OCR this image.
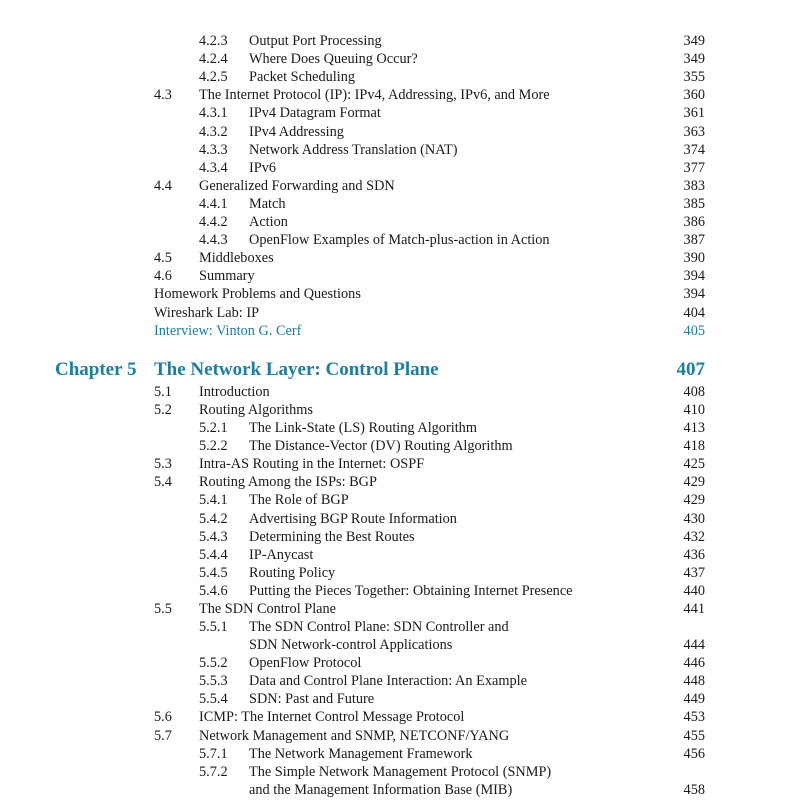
4.2.3 Output Port Processing	349
4.2.4 Where Does Queuing Occur?	349
4.2.5 Packet Scheduling	355
4.3 The Internet Protocol (IP): IPv4, Addressing, IPv6, and More	360
4.3.1 IPv4 Datagram Format	361
4.3.2 IPv4 Addressing	363
4.3.3 Network Address Translation (NAT)	374
4.3.4 IPv6	377
4.4 Generalized Forwarding and SDN	383
4.4.1 Match	385
4.4.2 Action	386
4.4.3 OpenFlow Examples of Match-plus-action in Action	387
4.5 Middleboxes	390
4.6 Summary	394
Homework Problems and Questions	394
Wireshark Lab: IP	404
Interview: Vinton G. Cerf	405
Chapter 5 The Network Layer: Control Plane	407
5.1 Introduction	408
5.2 Routing Algorithms	410
5.2.1 The Link-State (LS) Routing Algorithm	413
5.2.2 The Distance-Vector (DV) Routing Algorithm	418
5.3 Intra-AS Routing in the Internet: OSPF	425
5.4 Routing Among the ISPs: BGP	429
5.4.1 The Role of BGP	429
5.4.2 Advertising BGP Route Information	430
5.4.3 Determining the Best Routes	432
5.4.4 IP-Anycast	436
5.4.5 Routing Policy	437
5.4.6 Putting the Pieces Together: Obtaining Internet Presence	440
5.5 The SDN Control Plane	441
5.5.1 The SDN Control Plane: SDN Controller and
SDN Network-control Applications	444
5.5.2 OpenFlow Protocol	446
5.5.3 Data and Control Plane Interaction: An Example	448
5.5.4 SDN: Past and Future	449
5.6 ICMP: The Internet Control Message Protocol	453
5.7 Network Management and SNMP, NETCONF/YANG	455
5.7.1 The Network Management Framework	456
5.7.2 The Simple Network Management Protocol (SNMP)
and the Management Information Base (MIB)	458
